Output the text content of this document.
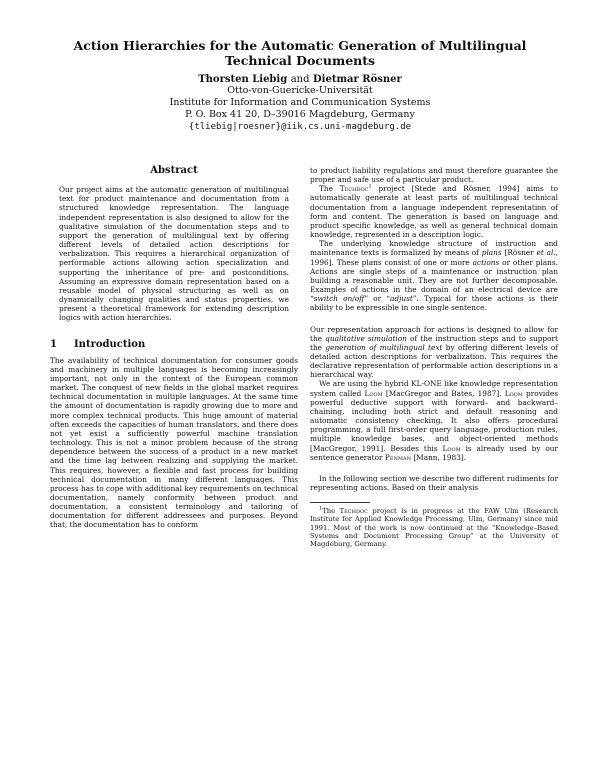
Action Hierarchies for the Automatic Generation of Multilingual
Technical Documents
Thorsten Liebig and Dietmar Rösner
Otto-von-Guericke-Universität
Institute for Information and Communication Systems
P. O. Box 41 20, D–39016 Magdeburg, Germany
{tliebig|roesner}@iik.cs.uni-magdeburg.de
Abstract

Our project aims at the automatic generation of multilingual text for product maintenance and documentation from a structured knowledge representation. The language independent representation is also designed to allow for the qualitative simulation of the documentation steps and to support the generation of multilingual text by offering different levels of detailed action descriptions for verbalization. This requires a hierarchical organization of performable actions allowing action specialization and supporting the inheritance of pre- and postconditions. Assuming an expressive domain representation based on a reusable model of physical structuring as well as on dynamically changing qualities and status properties, we present a theoretical framework for extending description logics with action hierarchies.

1 Introduction

The availability of technical documentation for consumer goods and machinery in multiple languages is becoming increasingly important, not only in the context of the European common market. The conquest of new fields in the global market requires technical documentation in multiple languages. At the same time the amount of documentation is rapidly growing due to more and more complex technical products. This huge amount of material often exceeds the capacities of human translators, and there does not yet exist a sufficiently powerful machine translation technology. This is not a minor problem because of the strong dependence between the success of a product in a new market and the time lag between realizing and supplying the market. This requires, however, a flexible and fast process for building technical documentation in many different languages. This process has to cope with additional key requirements on technical documentation, namely conformity between product and documentation, a consistent terminology and tailoring of documentation for different addressees and purposes. Beyond that, the documentation has to conform

to product liability regulations and must therefore guarantee the proper and safe use of a particular product.

The Techdoc$^1$ project [Stede and Rösner, 1994] aims to automatically generate at least parts of multilingual technical documentation from a language independent representation of form and content. The generation is based on language and product specific knowledge, as well as general technical domain knowledge, represented in a description logic.

The underlying knowledge structure of instruction and maintenance texts is formalized by means of plans [Rösner et al., 1996]. These plans consist of one or more actions or other plans. Actions are single steps of a maintenance or instruction plan building a reasonable unit. They are not further decomposable. Examples of actions in the domain of an electrical device are “switch on/off” or “adjust”. Typical for those actions is their ability to be expressible in one single sentence.

Our representation approach for actions is designed to allow for the qualitative simulation of the instruction steps and to support the generation of multilingual text by offering different levels of detailed action descriptions for verbalization. This requires the declarative representation of performable action descriptions in a hierarchical way.

We are using the hybrid KL-ONE like knowledge representation system called Loom [MacGregor and Bates, 1987]. Loom provides powerful deductive support with forward– and backward–chaining, including both strict and default reasoning and automatic consistency checking. It also offers procedural programming, a full first-order query language, production rules, multiple knowledge bases, and object-oriented methods [MacGregor, 1991]. Besides this Loom is already used by our sentence generator Penman [Mann, 1983].

In the following section we describe two different rudiments for representing actions. Based on their analysis

$^1$The Techdoc project is in progress at the FAW Ulm (Research Institute for Applied Knowledge Processing, Ulm, Germany) since mid 1991. Most of the work is now continued at the “Knowledge–Based Systems and Document Processing Group” at the University of Magdeburg, Germany.
